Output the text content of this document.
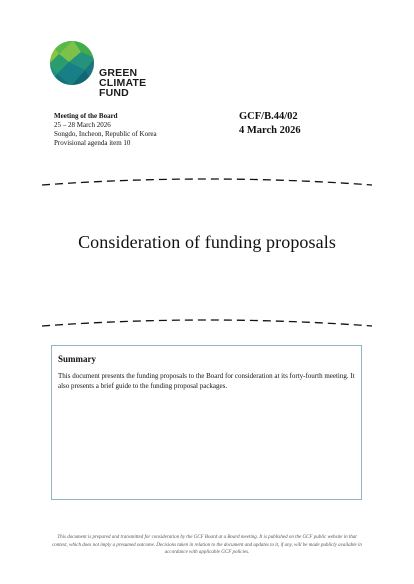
GREEN
CLIMATE
FUND
Meeting of the Board
25 – 28 March 2026
Songdo, Incheon, Republic of Korea
Provisional agenda item 10
GCF/B.44/02
4 March 2026
Consideration of funding proposals
Summary
This document presents the funding proposals to the Board for consideration at its forty-fourth meeting. It also presents a brief guide to the funding proposal packages.
This document is prepared and transmitted for consideration by the GCF Board at a Board meeting. It is published on the GCF public website in that context, which does not imply a presumed outcome. Decisions taken in relation to the document and updates to it, if any, will be made publicly available in accordance with applicable GCF policies.
